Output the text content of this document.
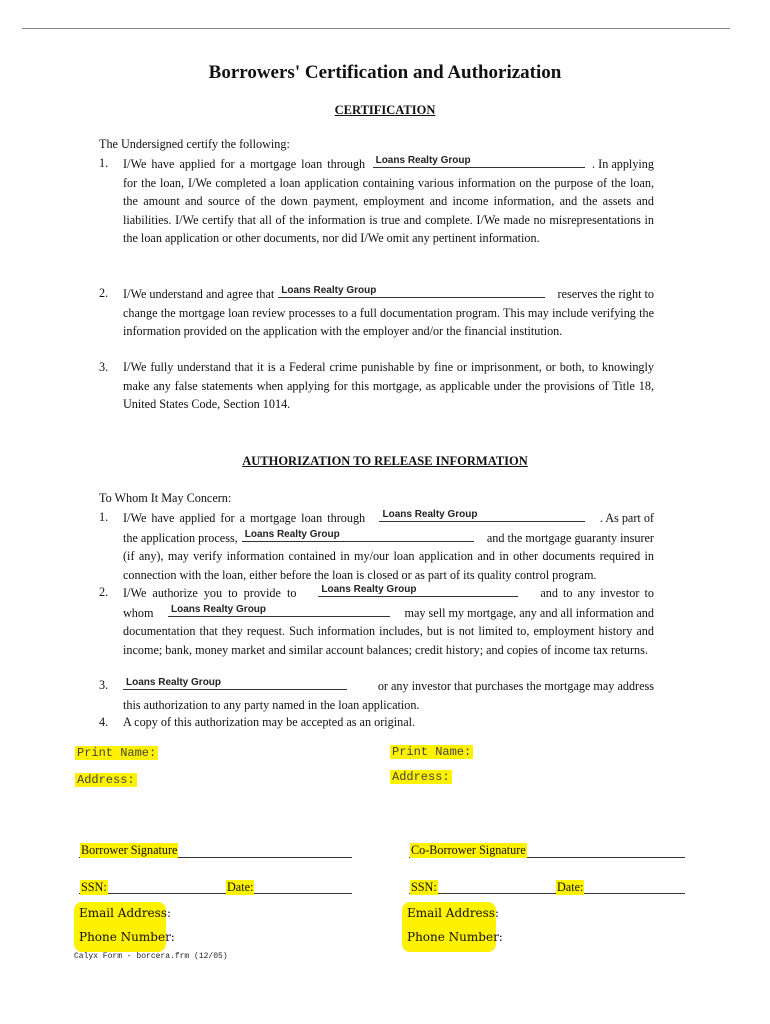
Borrowers' Certification and Authorization
CERTIFICATION
The Undersigned certify the following:
1. I/We have applied for a mortgage loan through Loans Realty Group	. In applying
for the loan, I/We completed a loan application containing various information on the purpose of the loan, the amount and source of the down payment, employment and income information, and the assets and liabilities. I/We certify that all of the information is true and complete. I/We made no misrepresentations in the loan application or other documents, nor did I/We omit any pertinent information.
2. I/We understand and agree that Loans Realty Group	reserves the right to
change the mortgage loan review processes to a full documentation program. This may include verifying the information provided on the application with the employer and/or the financial institution.
3. I/We fully understand that it is a Federal crime punishable by fine or imprisonment, or both, to knowingly make any false statements when applying for this mortgage, as applicable under the provisions of Title 18, United States Code, Section 1014.
AUTHORIZATION TO RELEASE INFORMATION
To Whom It May Concern:
1. I/We have applied for a mortgage loan through Loans Realty Group	. As part of
the application process, Loans Realty Group	and the mortgage guaranty insurer
(if any), may verify information contained in my/our loan application and in other documents required in connection with the loan, either before the loan is closed or as part of its quality control program.
2. I/We authorize you to provide to Loans Realty Group	and to any investor to
whom Loans Realty Group	may sell my mortgage, any and all information and
documentation that they request. Such information includes, but is not limited to, employment history and income; bank, money market and similar account balances; credit history; and copies of income tax returns.
3. Loans Realty Group	or any investor that purchases the mortgage may address
this authorization to any party named in the loan application.
4. A copy of this authorization may be accepted as an original.
Print Name:
Address:
Print Name:
Address:
Borrower Signature	Co-Borrower Signature
SSN:	Date:	SSN:	Date:
Email Address:
Phone Number:
Email Address:
Phone Number:
Calyx Form - borcera.frm (12/05)
